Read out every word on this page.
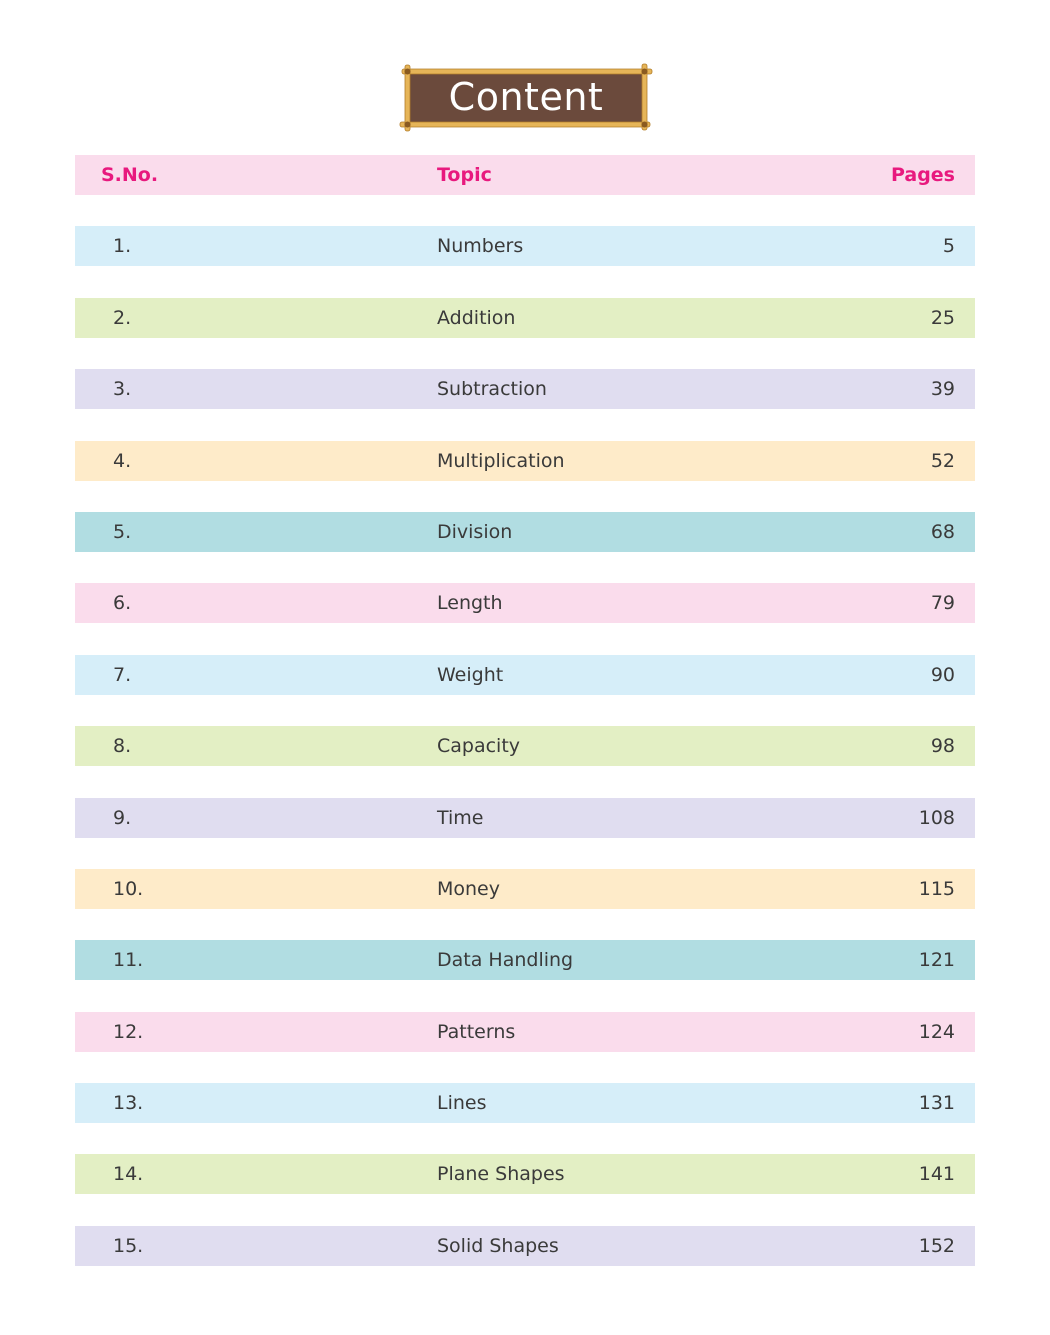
Content
S.No.	Topic	Pages
1.	Numbers	5
2.	Addition	25
3.	Subtraction	39
4.	Multiplication	52
5.	Division	68
6.	Length	79
7.	Weight	90
8.	Capacity	98
9.	Time	108
10.	Money	115
11.	Data Handling	121
12.	Patterns	124
13.	Lines	131
14.	Plane Shapes	141
15.	Solid Shapes	152
